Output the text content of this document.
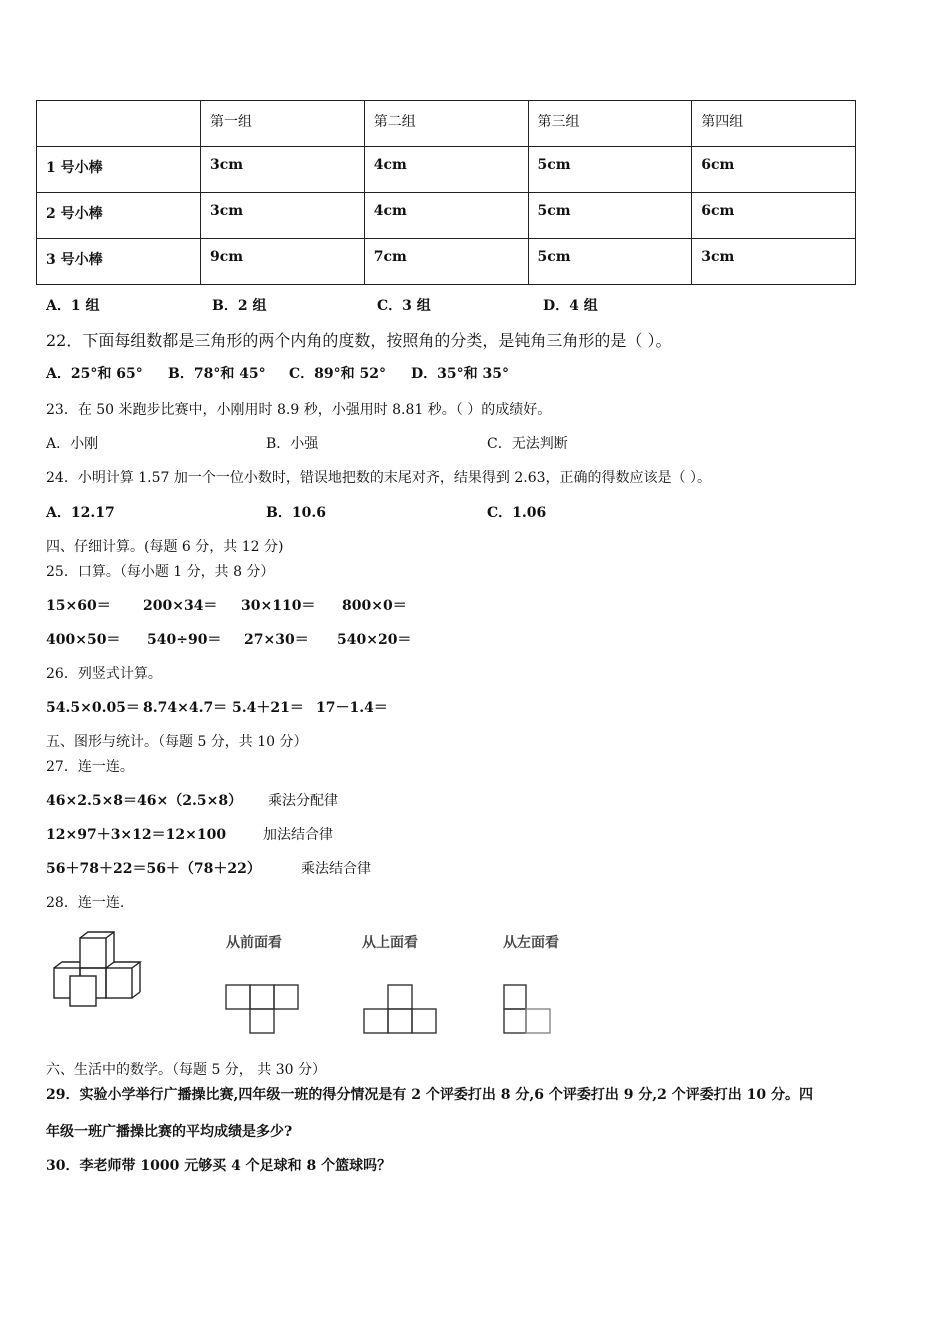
	第一组	第二组	第三组	第四组
1 号小棒	3cm	4cm	5cm	6cm
2 号小棒	3cm	4cm	5cm	6cm
3 号小棒	9cm	7cm	5cm	3cm
A．1 组	B．2 组	C．3 组	D．4 组
22．下面每组数都是三角形的两个内角的度数，按照角的分类，是钝角三角形的是（ ）。
A．25°和 65° B．78°和 45° C．89°和 52° D．35°和 35°
23．在 50 米跑步比赛中，小刚用时 8.9 秒，小强用时 8.81 秒。（ ）的成绩好。
A．小刚	B．小强	C．无法判断
24．小明计算 1.57 加一个一位小数时，错误地把数的末尾对齐，结果得到 2.63，正确的得数应该是（ ）。
A．12.17	B．10.6	C．1.06
四、仔细计算。(每题 6 分，共 12 分)
25．口算。（每小题 1 分，共 8 分）
15×60＝ 200×34＝ 30×110＝ 800×0＝
400×50＝ 540÷90＝ 27×30＝ 540×20＝
26．列竖式计算。
54.5×0.05＝ 8.74×4.7＝ 5.4＋21＝ 17－1.4＝
五、图形与统计。（每题 5 分，共 10 分）
27．连一连。
46×2.5×8＝46×（2.5×8） 乘法分配律
12×97＋3×12＝12×100	加法结合律
56＋78＋22＝56＋（78＋22）	乘法结合律
28．连一连.
从前面看	从上面看	从左面看
六、生活中的数学。（每题 5 分， 共 30 分）
29．实验小学举行广播操比赛,四年级一班的得分情况是有 2 个评委打出 8 分,6 个评委打出 9 分,2 个评委打出 10 分。四
年级一班广播操比赛的平均成绩是多少?
30．李老师带 1000 元够买 4 个足球和 8 个篮球吗？
